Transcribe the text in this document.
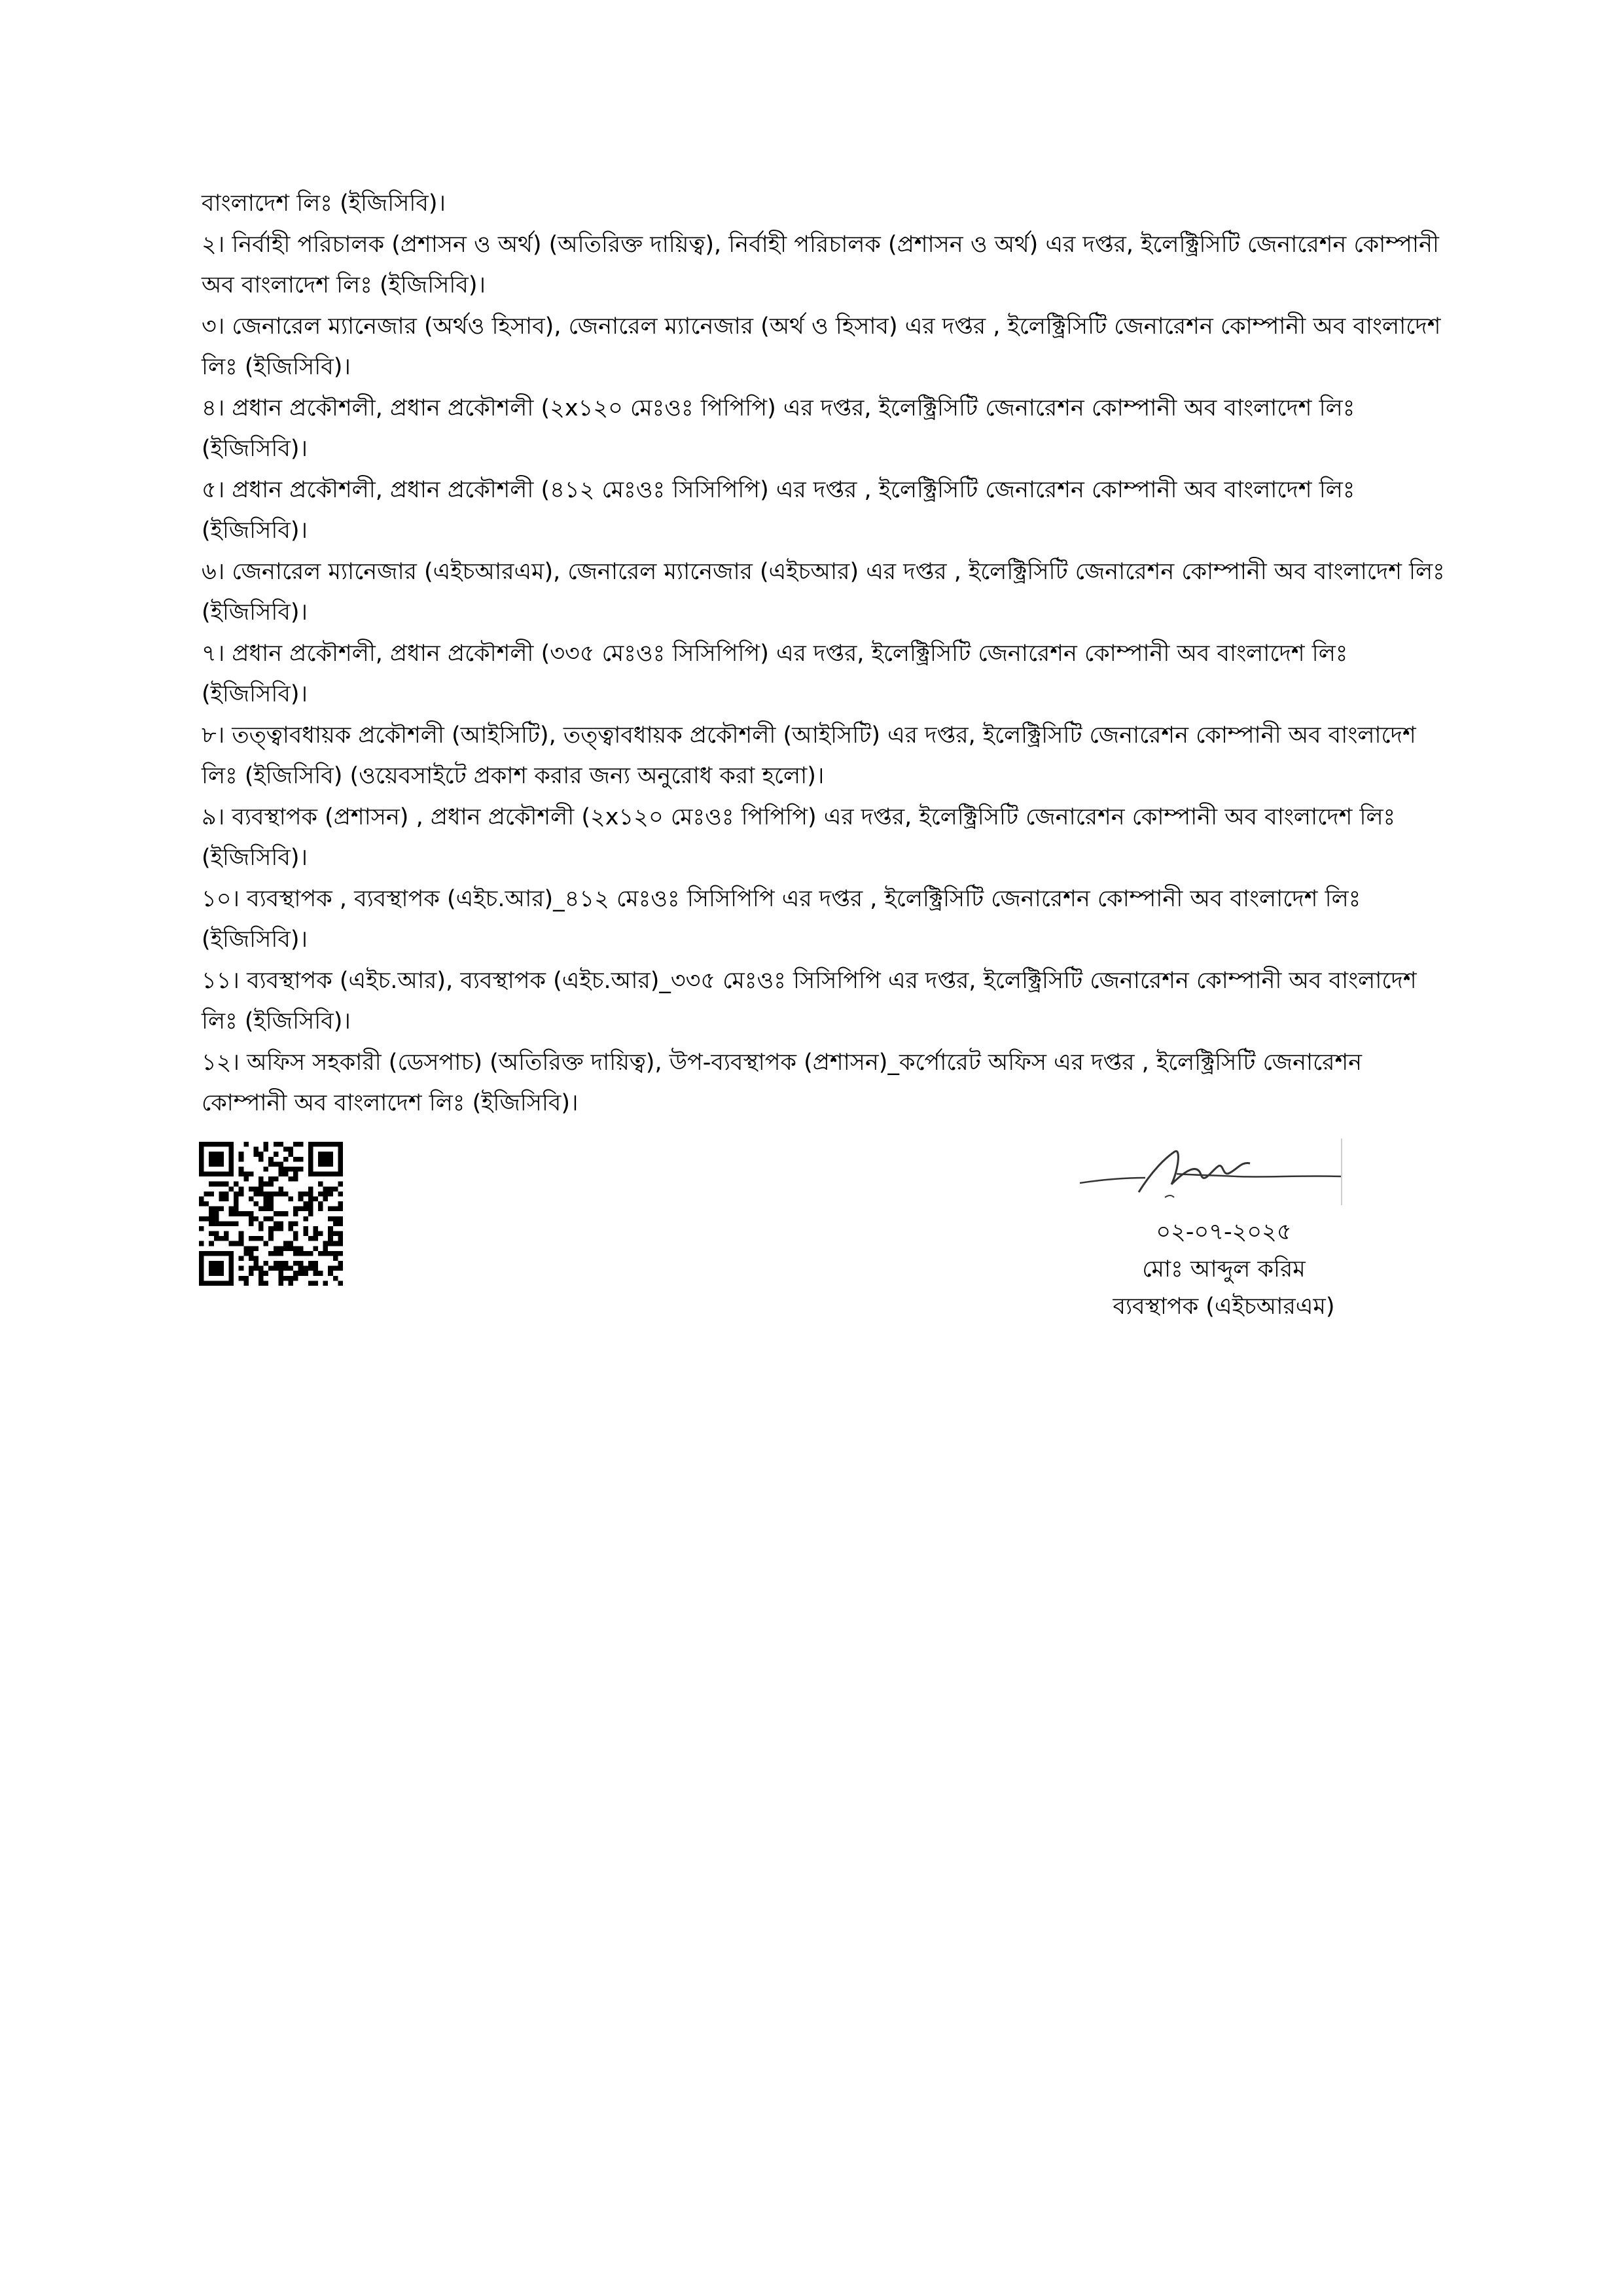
বাংলাদেশ লিঃ (ইজিসিবি)।

২। নির্বাহী পরিচালক (প্রশাসন ও অর্থ) (অতিরিক্ত দায়িত্ব), নির্বাহী পরিচালক (প্রশাসন ও অর্থ) এর দপ্তর, ইলেক্ট্রিসিটি জেনারেশন কোম্পানী অব বাংলাদেশ লিঃ (ইজিসিবি)।

৩। জেনারেল ম্যানেজার (অর্থও হিসাব), জেনারেল ম্যানেজার (অর্থ ও হিসাব) এর দপ্তর , ইলেক্ট্রিসিটি জেনারেশন কোম্পানী অব বাংলাদেশ লিঃ (ইজিসিবি)।

৪। প্রধান প্রকৌশলী, প্রধান প্রকৌশলী (২x১২০ মেঃওঃ পিপিপি) এর দপ্তর, ইলেক্ট্রিসিটি জেনারেশন কোম্পানী অব বাংলাদেশ লিঃ (ইজিসিবি)।

৫। প্রধান প্রকৌশলী, প্রধান প্রকৌশলী (৪১২ মেঃওঃ সিসিপিপি) এর দপ্তর , ইলেক্ট্রিসিটি জেনারেশন কোম্পানী অব বাংলাদেশ লিঃ (ইজিসিবি)।

৬। জেনারেল ম্যানেজার (এইচআরএম), জেনারেল ম্যানেজার (এইচআর) এর দপ্তর , ইলেক্ট্রিসিটি জেনারেশন কোম্পানী অব বাংলাদেশ লিঃ (ইজিসিবি)।

৭। প্রধান প্রকৌশলী, প্রধান প্রকৌশলী (৩৩৫ মেঃওঃ সিসিপিপি) এর দপ্তর, ইলেক্ট্রিসিটি জেনারেশন কোম্পানী অব বাংলাদেশ লিঃ (ইজিসিবি)।

৮। তত্ত্বাবধায়ক প্রকৌশলী (আইসিটি), তত্ত্বাবধায়ক প্রকৌশলী (আইসিটি) এর দপ্তর, ইলেক্ট্রিসিটি জেনারেশন কোম্পানী অব বাংলাদেশ লিঃ (ইজিসিবি) (ওয়েবসাইটে প্রকাশ করার জন্য অনুরোধ করা হলো)।

৯। ব্যবস্থাপক (প্রশাসন) , প্রধান প্রকৌশলী (২x১২০ মেঃওঃ পিপিপি) এর দপ্তর, ইলেক্ট্রিসিটি জেনারেশন কোম্পানী অব বাংলাদেশ লিঃ (ইজিসিবি)।

১০। ব্যবস্থাপক , ব্যবস্থাপক (এইচ.আর)_৪১২ মেঃওঃ সিসিপিপি এর দপ্তর , ইলেক্ট্রিসিটি জেনারেশন কোম্পানী অব বাংলাদেশ লিঃ (ইজিসিবি)।

১১। ব্যবস্থাপক (এইচ.আর), ব্যবস্থাপক (এইচ.আর)_৩৩৫ মেঃওঃ সিসিপিপি এর দপ্তর, ইলেক্ট্রিসিটি জেনারেশন কোম্পানী অব বাংলাদেশ লিঃ (ইজিসিবি)।

১২। অফিস সহকারী (ডেসপাচ) (অতিরিক্ত দায়িত্ব), উপ-ব্যবস্থাপক (প্রশাসন)_কর্পোরেট অফিস এর দপ্তর , ইলেক্ট্রিসিটি জেনারেশন কোম্পানী অব বাংলাদেশ লিঃ (ইজিসিবি)।

০২-০৭-২০২৫
মোঃ আব্দুল করিম
ব্যবস্থাপক (এইচআরএম)
